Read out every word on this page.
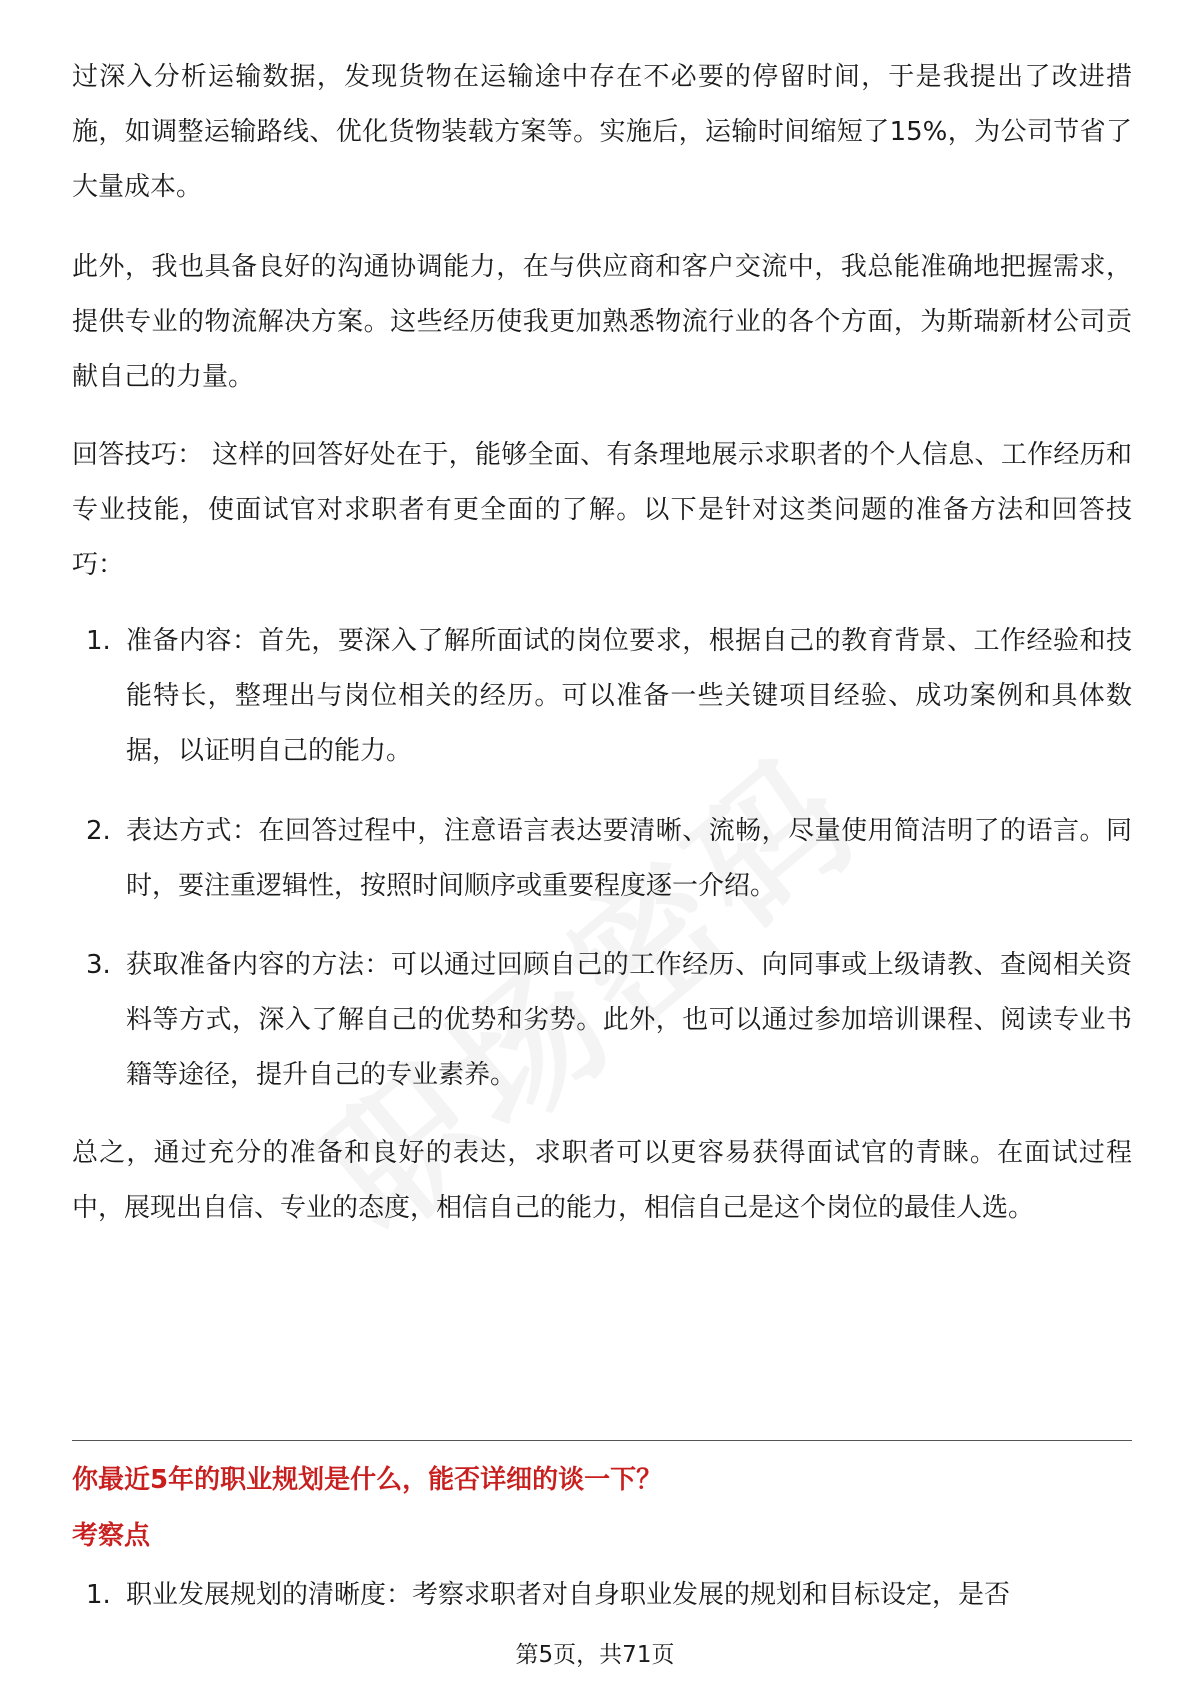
过深入分析运输数据，发现货物在运输途中存在不必要的停留时间，于是我提出了改进措施，如调整运输路线、优化货物装载方案等。实施后，运输时间缩短了15%，为公司节省了大量成本。

此外，我也具备良好的沟通协调能力，在与供应商和客户交流中，我总能准确地把握需求，提供专业的物流解决方案。这些经历使我更加熟悉物流行业的各个方面，为斯瑞新材公司贡献自己的力量。

回答技巧： 这样的回答好处在于，能够全面、有条理地展示求职者的个人信息、工作经历和专业技能，使面试官对求职者有更全面的了解。以下是针对这类问题的准备方法和回答技巧：

1. 准备内容：首先，要深入了解所面试的岗位要求，根据自己的教育背景、工作经验和技能特长，整理出与岗位相关的经历。可以准备一些关键项目经验、成功案例和具体数据，以证明自己的能力。
2. 表达方式：在回答过程中，注意语言表达要清晰、流畅，尽量使用简洁明了的语言。同时，要注重逻辑性，按照时间顺序或重要程度逐一介绍。
3. 获取准备内容的方法：可以通过回顾自己的工作经历、向同事或上级请教、查阅相关资料等方式，深入了解自己的优势和劣势。此外，也可以通过参加培训课程、阅读专业书籍等途径，提升自己的专业素养。

总之，通过充分的准备和良好的表达，求职者可以更容易获得面试官的青睐。在面试过程中，展现出自信、专业的态度，相信自己的能力，相信自己是这个岗位的最佳人选。

你最近5年的职业规划是什么，能否详细的谈一下？
考察点
1. 职业发展规划的清晰度：考察求职者对自身职业发展的规划和目标设定，是否
第5页，共71页
